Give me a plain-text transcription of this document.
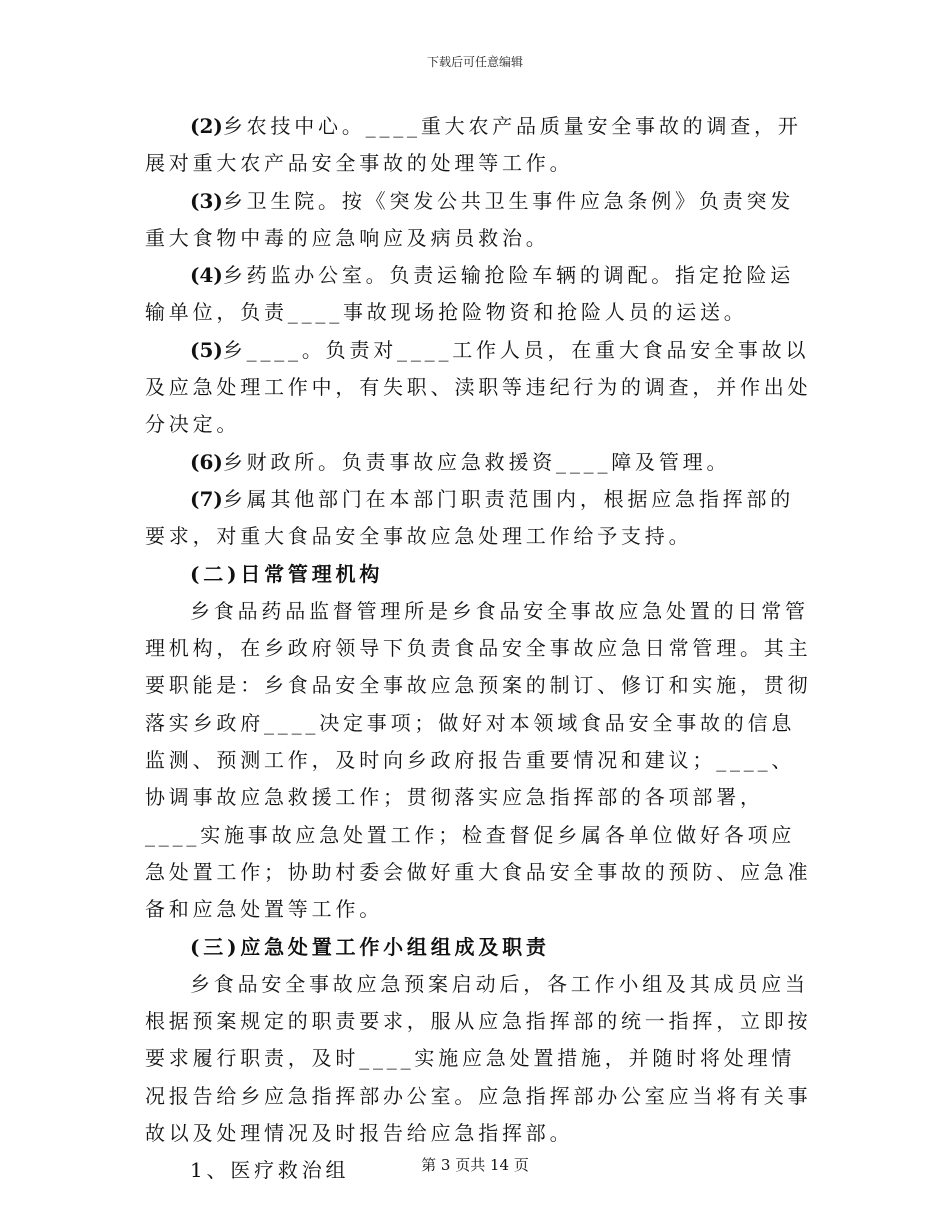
下载后可任意编辑

(2)乡农技中心。____重大农产品质量安全事故的调查，开展对重大农产品安全事故的处理等工作。

(3)乡卫生院。按《突发公共卫生事件应急条例》负责突发重大食物中毒的应急响应及病员救治。

(4)乡药监办公室。负责运输抢险车辆的调配。指定抢险运输单位，负责____事故现场抢险物资和抢险人员的运送。

(5)乡____。负责对____工作人员，在重大食品安全事故以及应急处理工作中，有失职、渎职等违纪行为的调查，并作出处分决定。

(6)乡财政所。负责事故应急救援资____障及管理。

(7)乡属其他部门在本部门职责范围内，根据应急指挥部的要求，对重大食品安全事故应急处理工作给予支持。

(二)日常管理机构

乡食品药品监督管理所是乡食品安全事故应急处置的日常管理机构，在乡政府领导下负责食品安全事故应急日常管理。其主要职能是：乡食品安全事故应急预案的制订、修订和实施，贯彻落实乡政府____决定事项；做好对本领域食品安全事故的信息监测、预测工作，及时向乡政府报告重要情况和建议；____、协调事故应急救援工作；贯彻落实应急指挥部的各项部署，____实施事故应急处置工作；检查督促乡属各单位做好各项应急处置工作；协助村委会做好重大食品安全事故的预防、应急准备和应急处置等工作。

(三)应急处置工作小组组成及职责

乡食品安全事故应急预案启动后，各工作小组及其成员应当根据预案规定的职责要求，服从应急指挥部的统一指挥，立即按要求履行职责，及时____实施应急处置措施，并随时将处理情况报告给乡应急指挥部办公室。应急指挥部办公室应当将有关事故以及处理情况及时报告给应急指挥部。

1、医疗救治组	第 3 页共 14 页
